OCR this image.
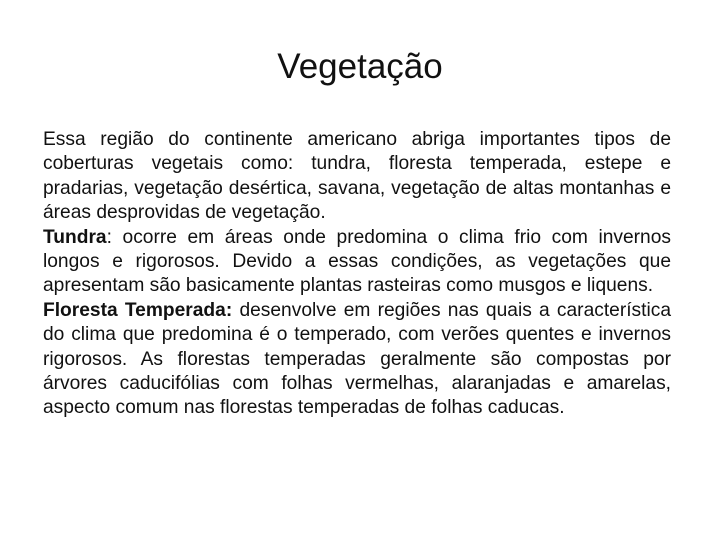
Vegetação

Essa região do continente americano abriga importantes tipos de coberturas vegetais como: tundra, floresta temperada, estepe e pradarias, vegetação desértica, savana, vegetação de altas montanhas e áreas desprovidas de vegetação.

Tundra: ocorre em áreas onde predomina o clima frio com invernos longos e rigorosos. Devido a essas condições, as vegetações que apresentam são basicamente plantas rasteiras como musgos e liquens.

Floresta Temperada: desenvolve em regiões nas quais a característica do clima que predomina é o temperado, com verões quentes e invernos rigorosos. As florestas temperadas geralmente são compostas por árvores caducifólias com folhas vermelhas, alaranjadas e amarelas, aspecto comum nas florestas temperadas de folhas caducas.
